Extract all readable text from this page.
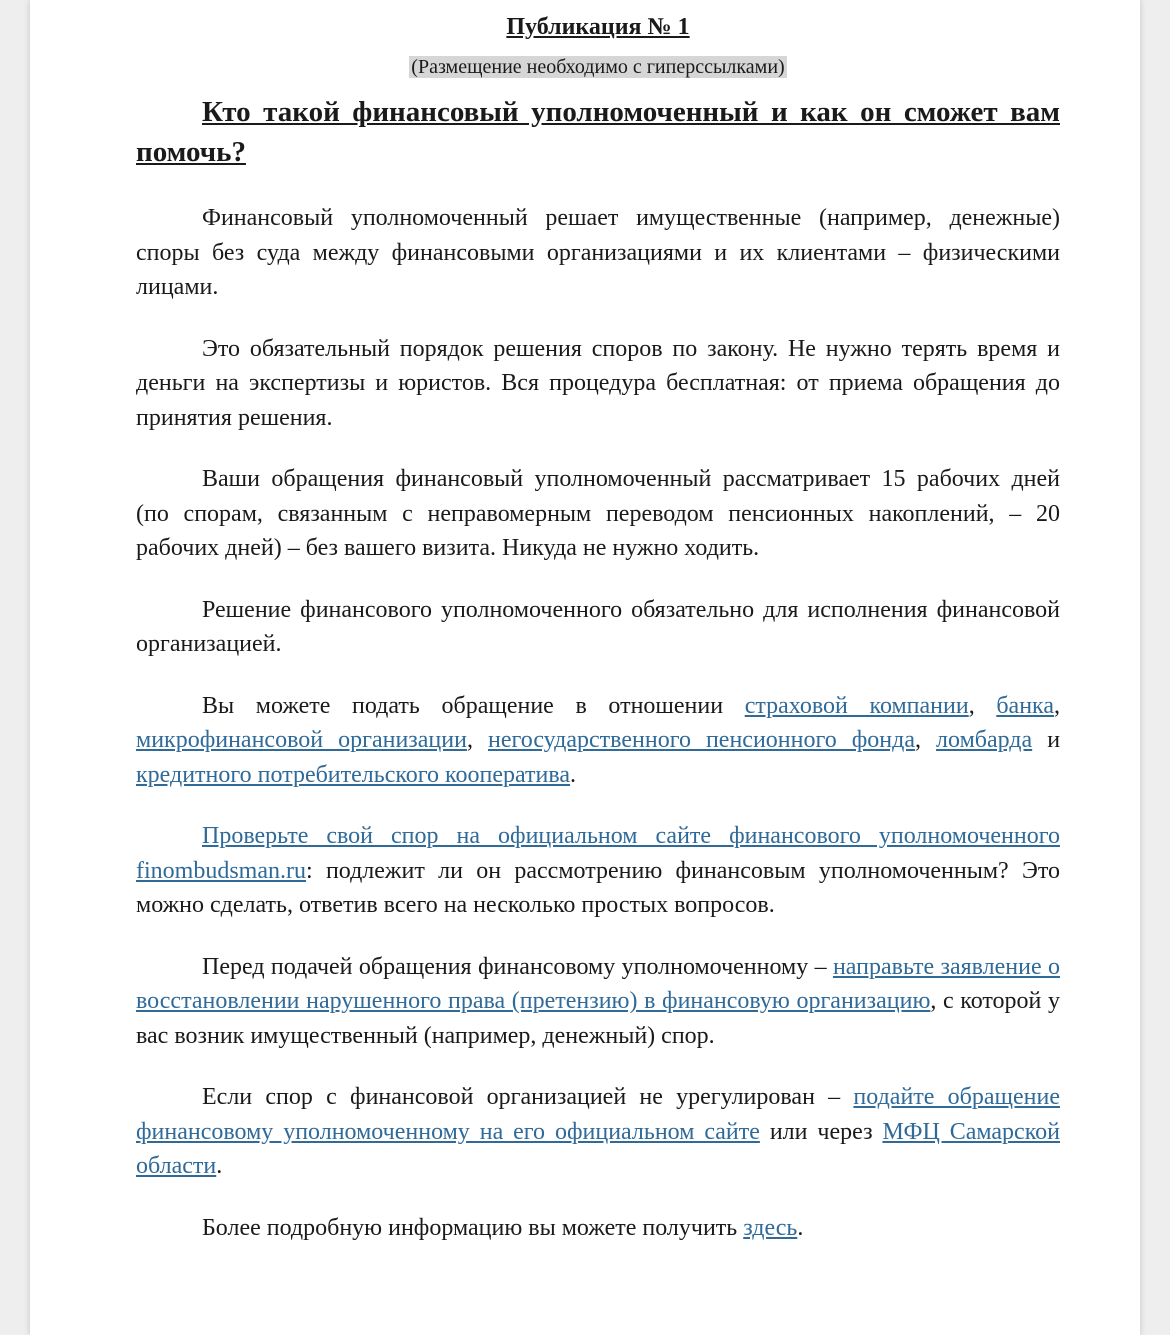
Публикация № 1
(Размещение необходимо с гиперссылками)
Кто такой финансовый уполномоченный и как он сможет вам помочь?

Финансовый уполномоченный решает имущественные (например, денежные) споры без суда между финансовыми организациями и их клиентами – физическими лицами.

Это обязательный порядок решения споров по закону. Не нужно терять время и деньги на экспертизы и юристов. Вся процедура бесплатная: от приема обращения до принятия решения.

Ваши обращения финансовый уполномоченный рассматривает 15 рабочих дней (по спорам, связанным с неправомерным переводом пенсионных накоплений, – 20 рабочих дней) – без вашего визита. Никуда не нужно ходить.

Решение финансового уполномоченного обязательно для исполнения финансовой организацией.

Вы можете подать обращение в отношении страховой компании, банка, микрофинансовой организации, негосударственного пенсионного фонда, ломбарда и кредитного потребительского кооператива.

Проверьте свой спор на официальном сайте финансового уполномоченного finombudsman.ru: подлежит ли он рассмотрению финансовым уполномоченным? Это можно сделать, ответив всего на несколько простых вопросов.

Перед подачей обращения финансовому уполномоченному – направьте заявление о восстановлении нарушенного права (претензию) в финансовую организацию, с которой у вас возник имущественный (например, денежный) спор.

Если спор с финансовой организацией не урегулирован – подайте обращение финансовому уполномоченному на его официальном сайте или через МФЦ Самарской области.

Более подробную информацию вы можете получить здесь.
